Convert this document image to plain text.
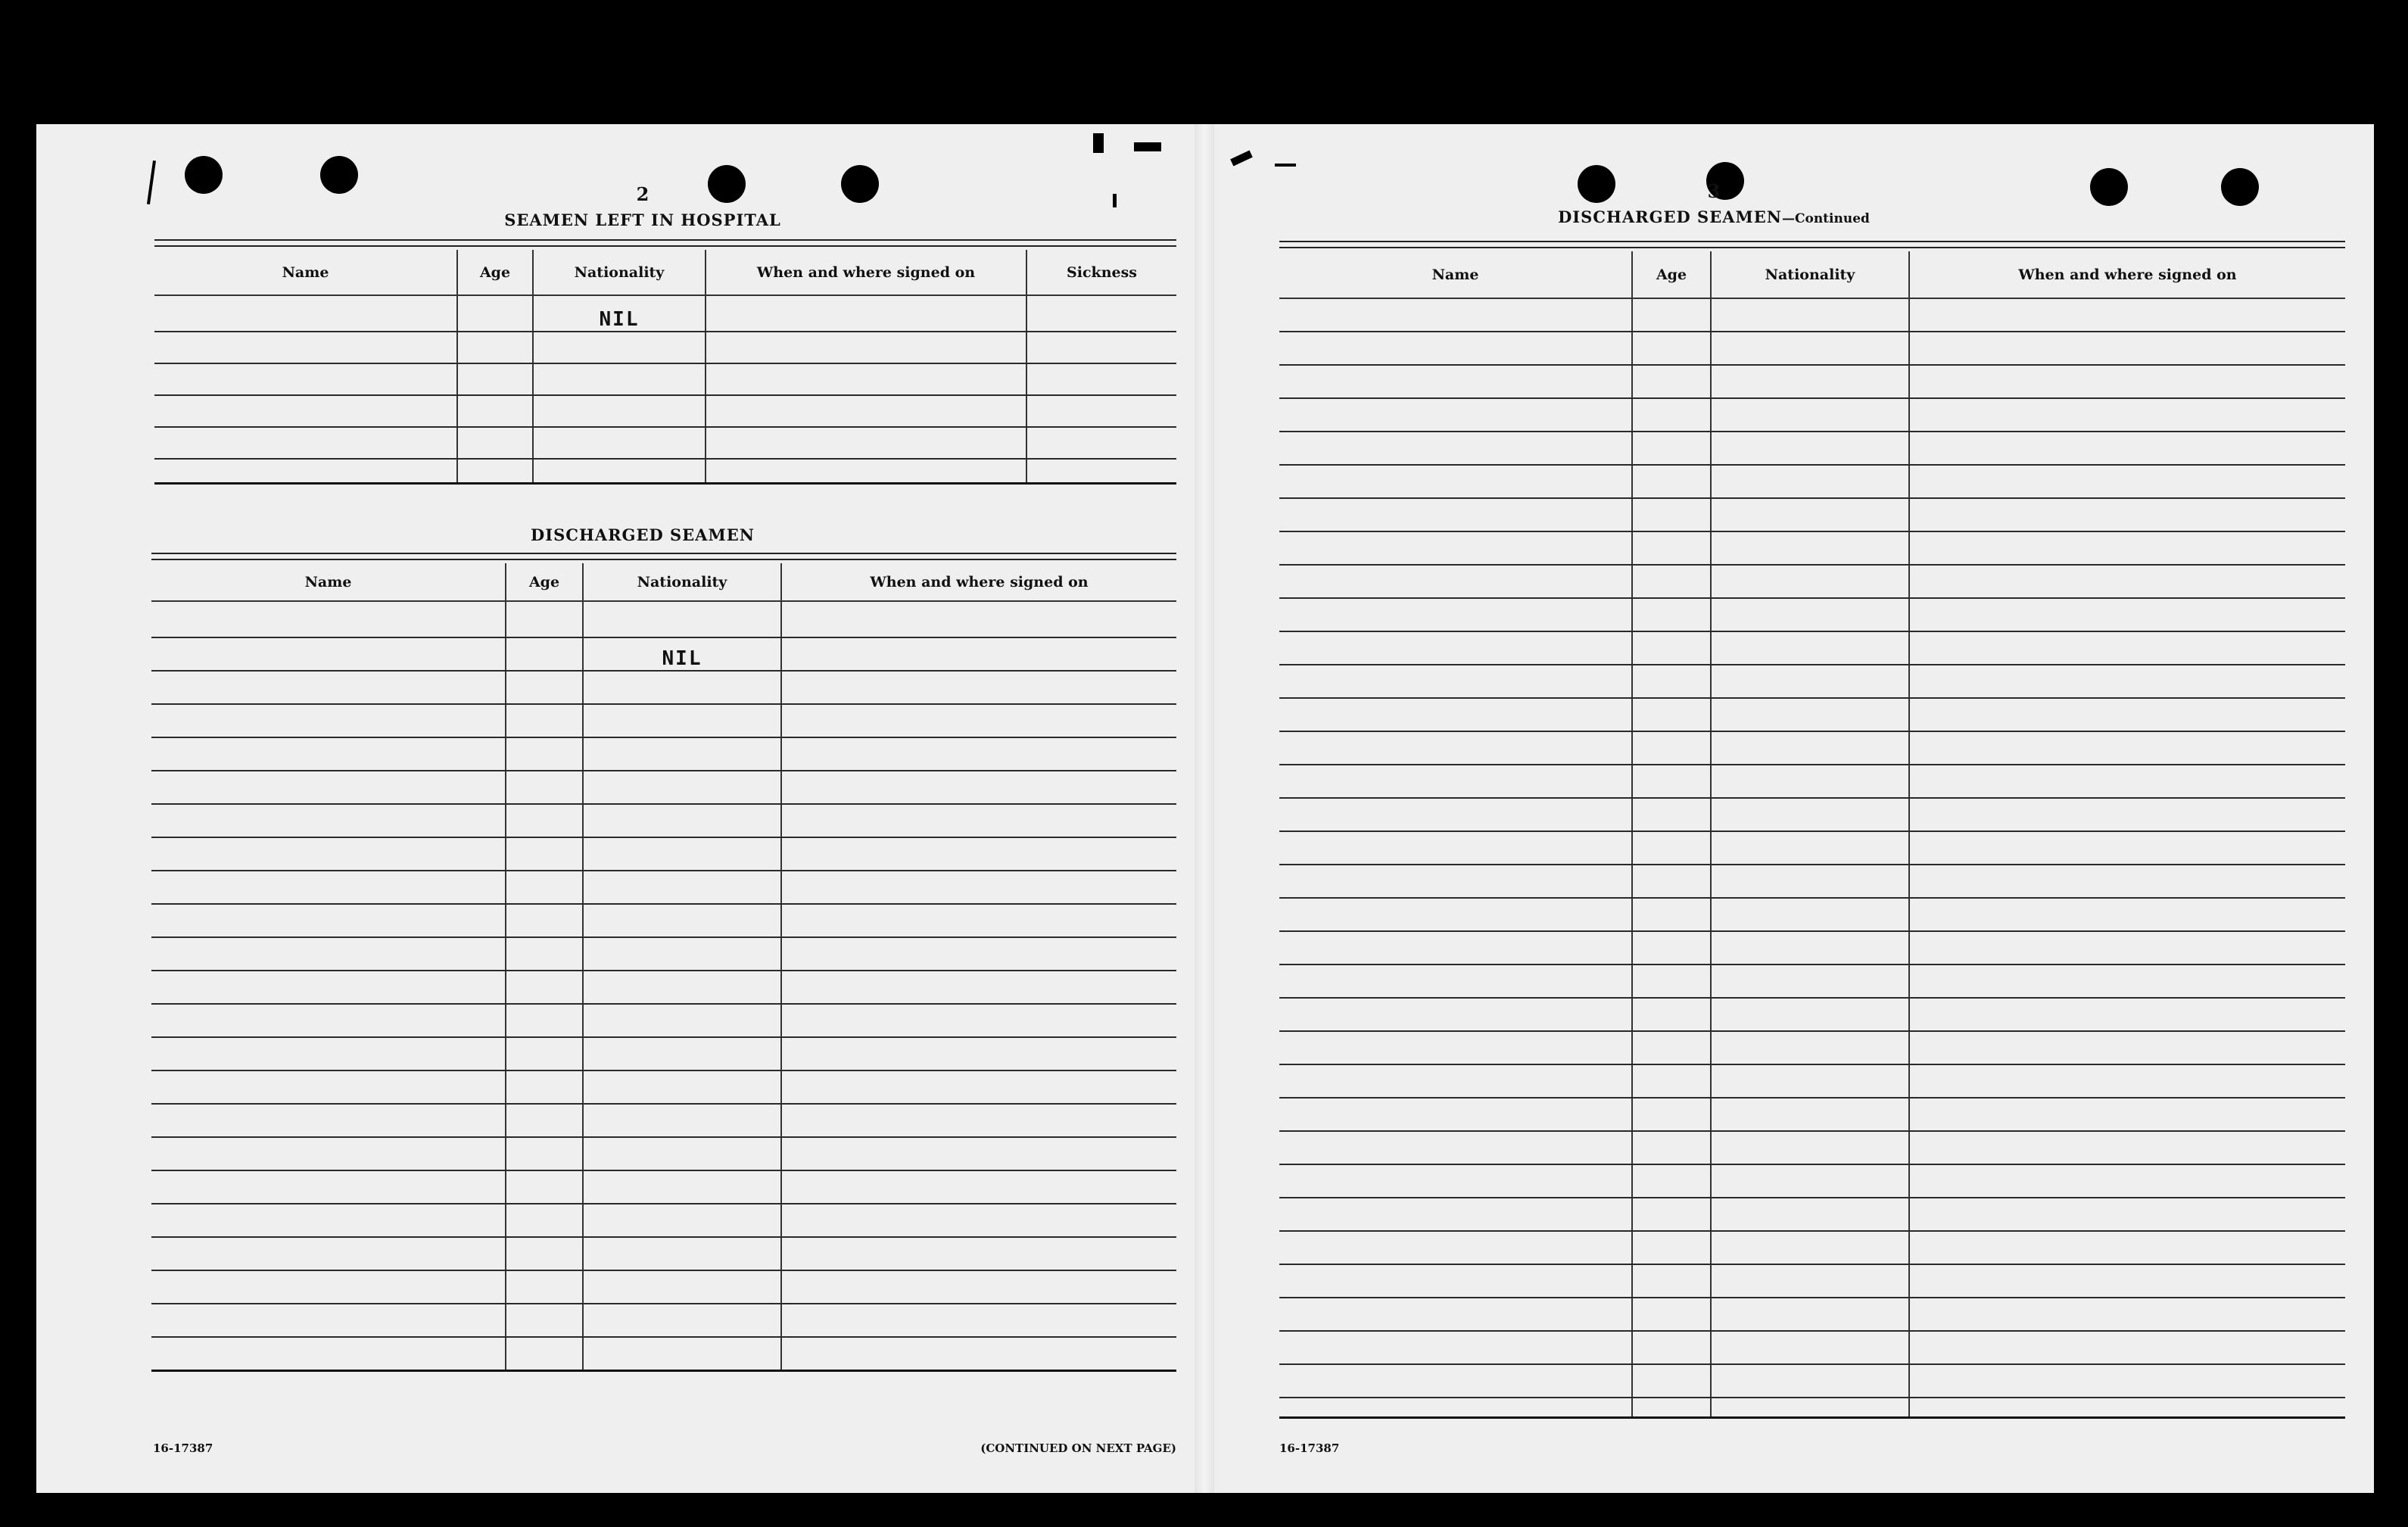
2
SEAMEN LEFT IN HOSPITAL
Name	Age	Nationality	When and where signed on	Sickness
		NIL		

DISCHARGED SEAMEN
Name	Age	Nationality	When and where signed on

		NIL	

16-17387	(CONTINUED ON NEXT PAGE)
3
DISCHARGED SEAMEN—Continued
Name	Age	Nationality	When and where signed on

16-17387
